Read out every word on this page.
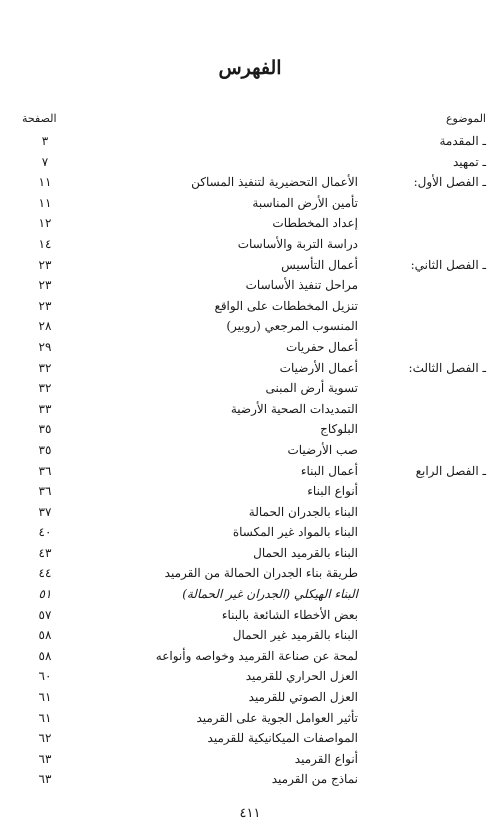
الفهرس
الموضوع
الصفحة
ـ المقدمة
٣
ـ تمهيد
٧
ـ الفصل الأول:
الأعمال التحضيرية لتنفيذ المساكن
١١
تأمين الأرض المناسبة
١١
إعداد المخططات
١٢
دراسة التربة والأساسات
١٤
ـ الفصل الثاني:
أعمال التأسيس
٢٣
مراحل تنفيذ الأساسات
٢٣
تنزيل المخططات على الواقع
٢٣
المنسوب المرجعي (روبير)
٢٨
أعمال حفريات
٢٩
ـ الفصل الثالث:
أعمال الأرضيات
٣٢
تسوية أرض المبنى
٣٢
التمديدات الصحية الأرضية
٣٣
البلوكاج
٣٥
صب الأرضيات
٣٥
ـ الفصل الرابع
أعمال البناء
٣٦
أنواع البناء
٣٦
البناء بالجدران الحمالة
٣٧
البناء بالمواد غير المكساة
٤٠
البناء بالقرميد الحمال
٤٣
طريقة بناء الجدران الحمالة من القرميد
٤٤
البناء الهيكلي (الجدران غير الحمالة)
٥١
بعض الأخطاء الشائعة بالبناء
٥٧
البناء بالقرميد غير الحمال
٥٨
لمحة عن صناعة القرميد وخواصه وأنواعه
٥٨
العزل الحراري للقرميد
٦٠
العزل الصوتي للقرميد
٦١
تأثير العوامل الجوية على القرميد
٦١
المواصفات الميكانيكية للقرميد
٦٢
أنواع القرميد
٦٣
نماذج من القرميد
٦٣
٤١١
